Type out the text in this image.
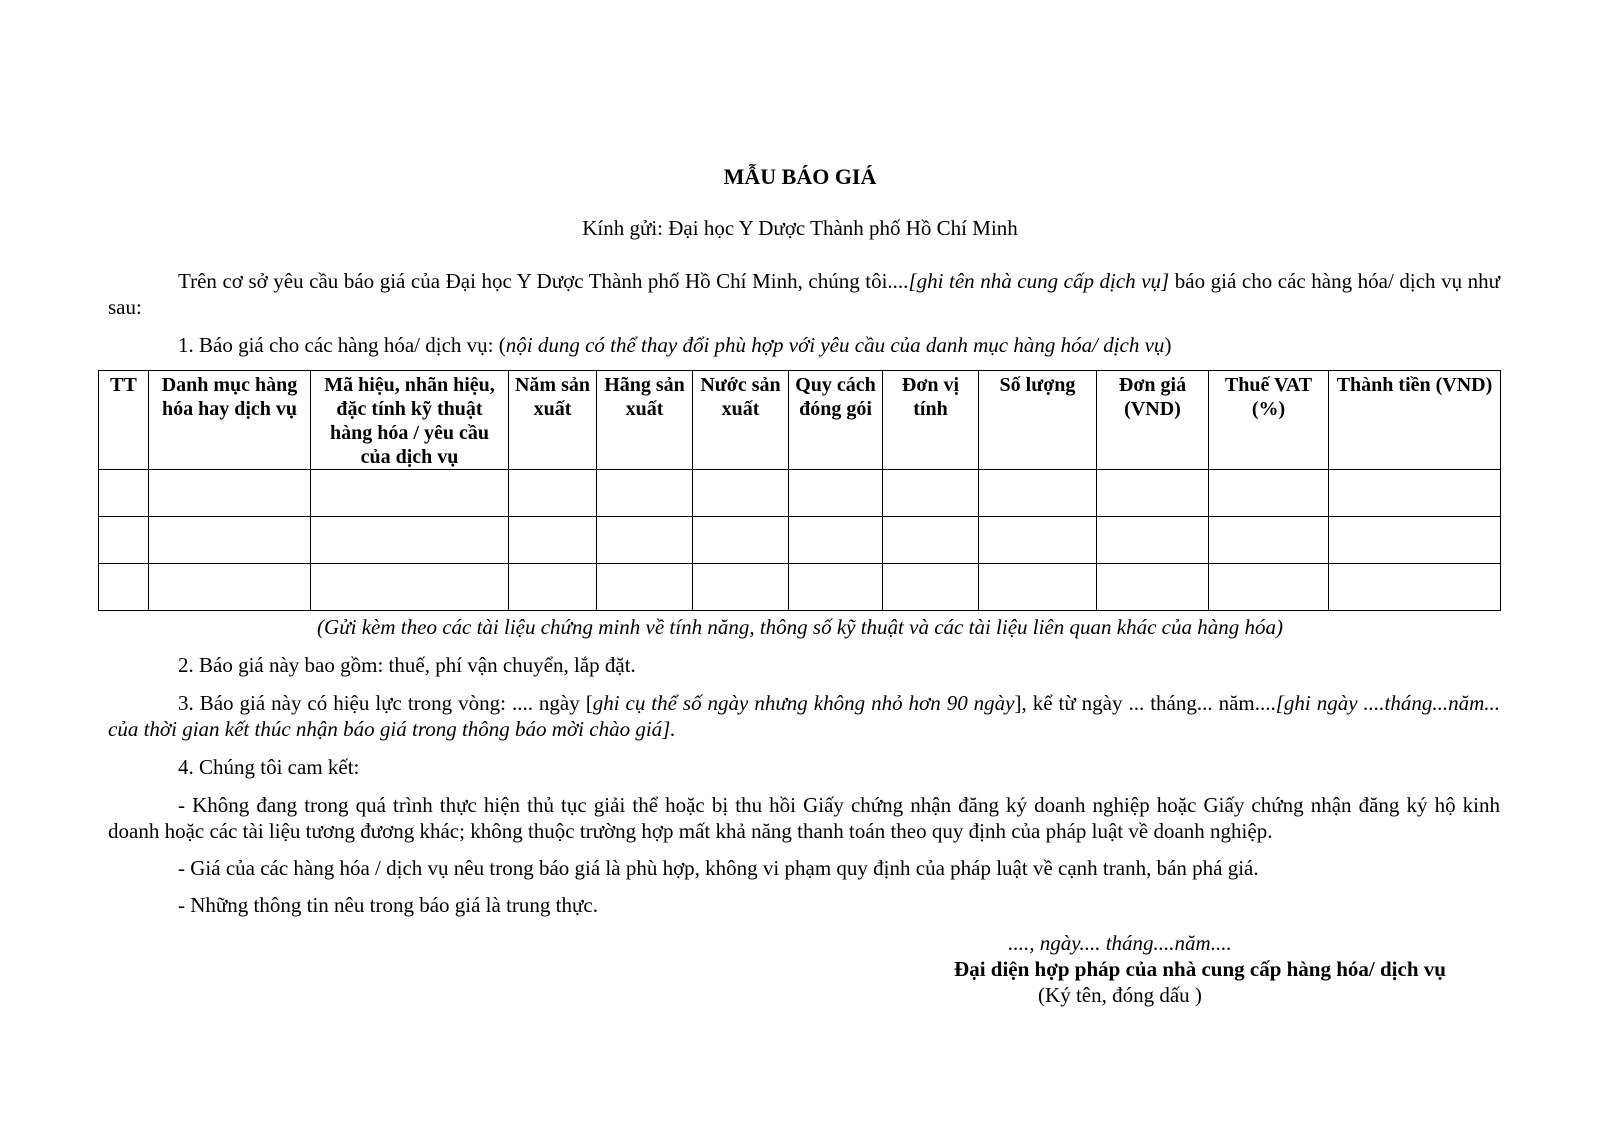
MẪU BÁO GIÁ
Kính gửi: Đại học Y Dược Thành phố Hồ Chí Minh
Trên cơ sở yêu cầu báo giá của Đại học Y Dược Thành phố Hồ Chí Minh, chúng tôi....[ghi tên nhà cung cấp dịch vụ] báo giá cho các hàng hóa/ dịch vụ như sau:
1. Báo giá cho các hàng hóa/ dịch vụ: (nội dung có thể thay đổi phù hợp với yêu cầu của danh mục hàng hóa/ dịch vụ)
TT	Danh mục hàng hóa hay dịch vụ	Mã hiệu, nhãn hiệu, đặc tính kỹ thuật hàng hóa / yêu cầu của dịch vụ	Năm sản xuất	Hãng sản xuất	Nước sản xuất	Quy cách đóng gói	Đơn vị tính	Số lượng	Đơn giá (VND)	Thuế VAT (%)	Thành tiền (VND)

(Gửi kèm theo các tài liệu chứng minh về tính năng, thông số kỹ thuật và các tài liệu liên quan khác của hàng hóa)
2. Báo giá này bao gồm: thuế, phí vận chuyển, lắp đặt.
3. Báo giá này có hiệu lực trong vòng: .... ngày [ghi cụ thể số ngày nhưng không nhỏ hơn 90 ngày], kể từ ngày ... tháng... năm....[ghi ngày ....tháng...năm... của thời gian kết thúc nhận báo giá trong thông báo mời chào giá].
4. Chúng tôi cam kết:
- Không đang trong quá trình thực hiện thủ tục giải thể hoặc bị thu hồi Giấy chứng nhận đăng ký doanh nghiệp hoặc Giấy chứng nhận đăng ký hộ kinh doanh hoặc các tài liệu tương đương khác; không thuộc trường hợp mất khả năng thanh toán theo quy định của pháp luật về doanh nghiệp.
- Giá của các hàng hóa / dịch vụ nêu trong báo giá là phù hợp, không vi phạm quy định của pháp luật về cạnh tranh, bán phá giá.
- Những thông tin nêu trong báo giá là trung thực.
...., ngày.... tháng....năm....
Đại diện hợp pháp của nhà cung cấp hàng hóa/ dịch vụ
(Ký tên, đóng dấu )
